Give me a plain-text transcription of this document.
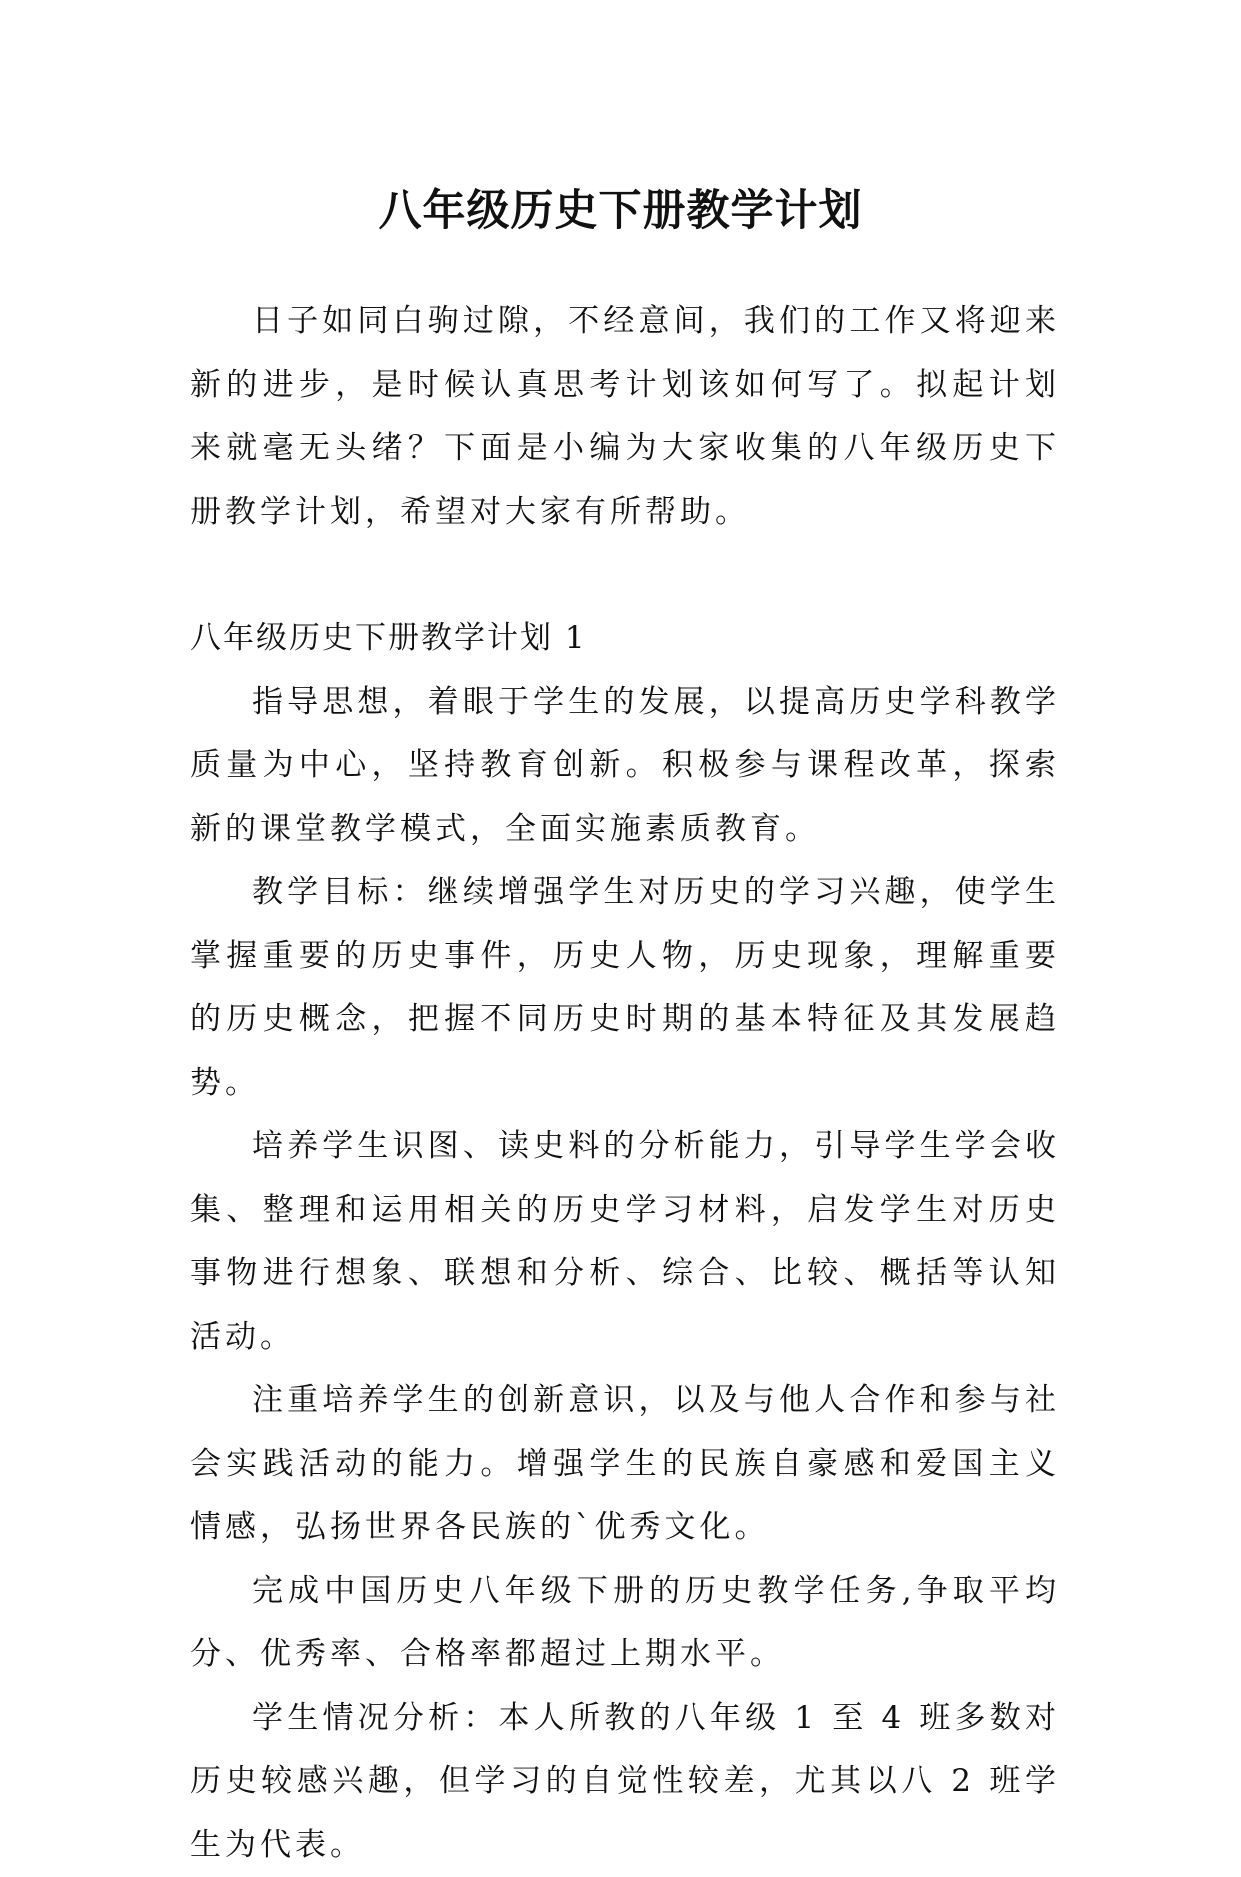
八年级历史下册教学计划

日子如同白驹过隙，不经意间，我们的工作又将迎来新的进步，是时候认真思考计划该如何写了。拟起计划来就毫无头绪？下面是小编为大家收集的八年级历史下册教学计划，希望对大家有所帮助。

八年级历史下册教学计划 1

指导思想，着眼于学生的发展，以提高历史学科教学质量为中心，坚持教育创新。积极参与课程改革，探索新的课堂教学模式，全面实施素质教育。

教学目标：继续增强学生对历史的学习兴趣，使学生掌握重要的历史事件，历史人物，历史现象，理解重要的历史概念，把握不同历史时期的基本特征及其发展趋势。

培养学生识图、读史料的分析能力，引导学生学会收集、整理和运用相关的历史学习材料，启发学生对历史事物进行想象、联想和分析、综合、比较、概括等认知活动。

注重培养学生的创新意识，以及与他人合作和参与社会实践活动的能力。增强学生的民族自豪感和爱国主义情感，弘扬世界各民族的`优秀文化。

完成中国历史八年级下册的历史教学任务,争取平均分、优秀率、合格率都超过上期水平。

学生情况分析：本人所教的八年级 1 至 4 班多数对历史较感兴趣，但学习的自觉性较差，尤其以八 2 班学生为代表。
